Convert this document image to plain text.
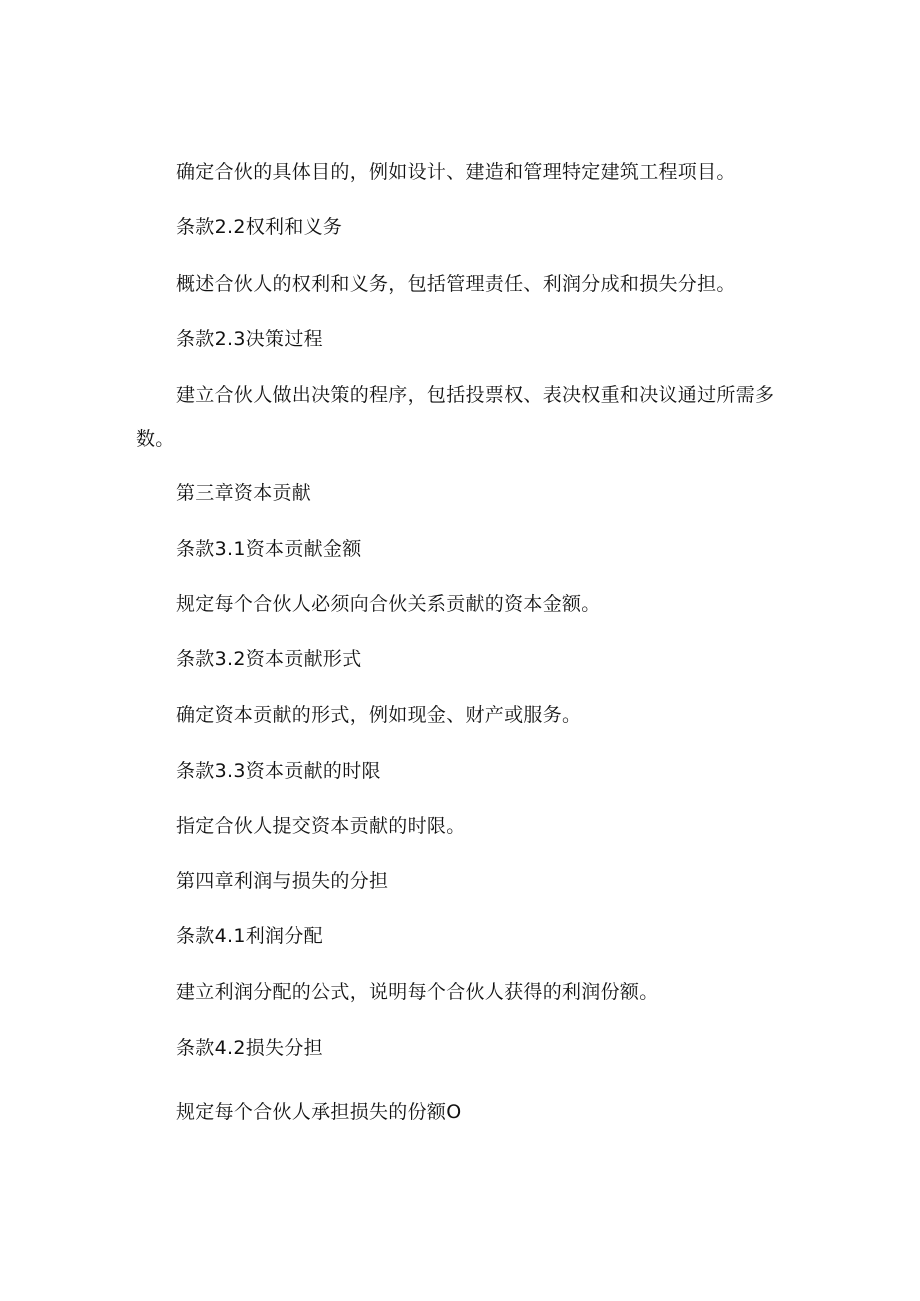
确定合伙的具体目的，例如设计、建造和管理特定建筑工程项目。

条款2.2权利和义务

概述合伙人的权利和义务，包括管理责任、利润分成和损失分担。

条款2.3决策过程

建立合伙人做出决策的程序，包括投票权、表决权重和决议通过所需多数。

第三章资本贡献

条款3.1资本贡献金额

规定每个合伙人必须向合伙关系贡献的资本金额。

条款3.2资本贡献形式

确定资本贡献的形式，例如现金、财产或服务。

条款3.3资本贡献的时限

指定合伙人提交资本贡献的时限。

第四章利润与损失的分担

条款4.1利润分配

建立利润分配的公式，说明每个合伙人获得的利润份额。

条款4.2损失分担

规定每个合伙人承担损失的份额O
